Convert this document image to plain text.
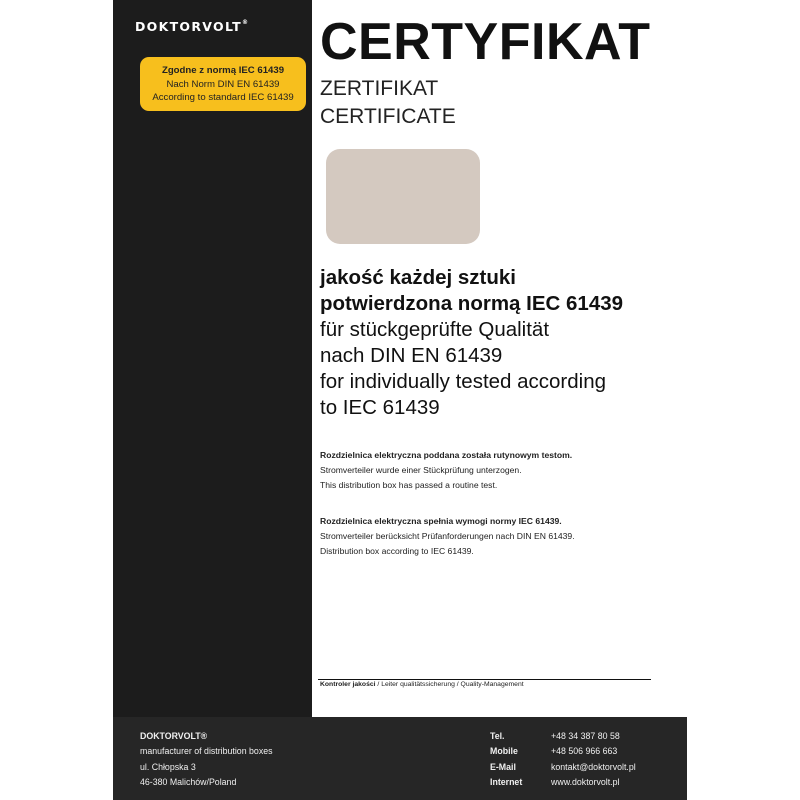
DOKTORVOLT®
Zgodne z normą IEC 61439
Nach Norm DIN EN 61439
According to standard IEC 61439
CERTYFIKAT
ZERTIFIKAT
CERTIFICATE
jakość każdej sztuki
potwierdzona normą IEC 61439
für stückgeprüfte Qualität
nach DIN EN 61439
for individually tested according
to IEC 61439
Rozdzielnica elektryczna poddana została rutynowym testom.
Stromverteiler wurde einer Stückprüfung unterzogen.
This distribution box has passed a routine test.
Rozdzielnica elektryczna spełnia wymogi normy IEC 61439.
Stromverteiler berücksicht Prüfanforderungen nach DIN EN 61439.
Distribution box according to IEC 61439.
Kontroler jakości / Leiter qualitätssicherung / Quality-Management
DOKTORVOLT®
manufacturer of distribution boxes
ul. Chłopska 3
46-380 Malichów/Poland
Tel.
Mobile
E-Mail
Internet
+48 34 387 80 58
+48 506 966 663
kontakt@doktorvolt.pl
www.doktorvolt.pl
